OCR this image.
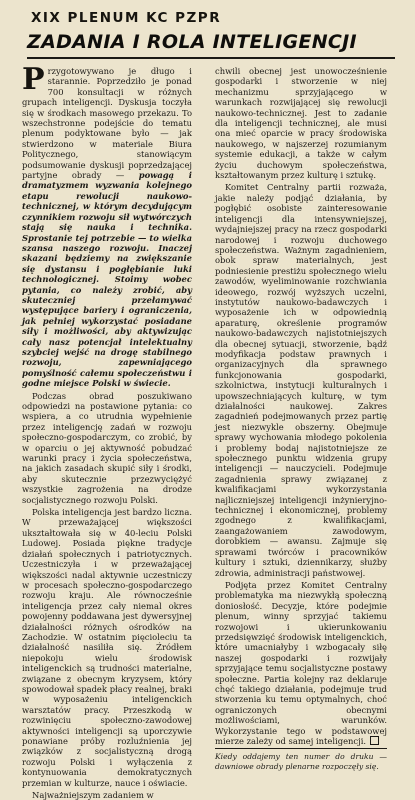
XIX PLENUM KC PZPR
ZADANIA I ROLA INTELIGENCJI

Przygotowywano je długo i starannie. Poprzedziło je ponad 700 konsultacji w różnych grupach inteligencji. Dyskusja toczyła się w środkach masowego przekazu. To wszechstronne podejście do tematu plenum podyktowane było — jak stwierdzono w materiale Biura Politycznego, stanowiącym podsumowanie dyskusji poprzedzającej partyjne obrady — powagą i dramatyzmem wyzwania kolejnego etapu rewolucji naukowo-technicznej, w którym decydującym czynnikiem rozwoju sił wytwórczych stają się nauka i technika. Sprostanie tej potrzebie — to wielka szansa naszego rozwoju. Inaczej skazani będziemy na zwiększanie się dystansu i pogłębianie luki technologicznej. Stoimy wobec pytania, co należy zrobić, aby skuteczniej przełamywać występujące bariery i ograniczenia, jak pełniej wykorzystać posiadane siły i możliwości, aby aktywizując cały nasz potencjał intelektualny szybciej wejść na drogę stabilnego rozwoju, zapewniającego pomyślność całemu społeczeństwu i godne miejsce Polski w świecie.

Podczas obrad poszukiwano odpowiedzi na postawione pytania: co wspiera, a co utrudnia wypełnienie przez inteligencję zadań w rozwoju społeczno-gospodarczym, co zrobić, by w oparciu o jej aktywność pobudzać warunki pracy i życia społeczeństwa, na jakich zasadach skupić siły i środki, aby skutecznie przezwyciężyć wszystkie zagrożenia na drodze socjalistycznego rozwoju Polski.

Polska inteligencja jest bardzo liczna. W przeważającej większości ukształtowała się w 40-leciu Polski Ludowej. Posiada piękne tradycje działań społecznych i patriotycznych. Uczestniczyła i w przeważającej większości nadal aktywnie uczestniczy w procesach społeczno-gospodarczego rozwoju kraju. Ale równocześnie inteligencja przez cały niemal okres powojenny poddawana jest dywersyjnej działalności różnych ośrodków na Zachodzie. W ostatnim pięcioleciu ta działalność nasiliła się. Źródłem niepokoju wielu środowisk inteligenckich są trudności materialne, związane z obecnym kryzysem, który spowodował spadek płacy realnej, braki w wyposażeniu inteligenckich warsztatów pracy. Przeszkodą w rozwinięciu społeczno-zawodowej aktywności inteligencji są uporczywie ponawiane próby rozluźnienia jej związków z socjalistyczną drogą rozwoju Polski i wyłączenia z kontynuowania demokratycznych przemian w kulturze, nauce i oświacie.

Najważniejszym zadaniem w

chwili obecnej jest unowocześnienie gospodarki i stworzenie w niej mechanizmu sprzyjającego w warunkach rozwijającej się rewolucji naukowo-technicznej. Jest to zadanie dla inteligencji technicznej, ale musi ona mieć oparcie w pracy środowiska naukowego, w najszerzej rozumianym systemie edukacji, a także w całym życiu duchowym społeczeństwa, kształtowanym przez kulturę i sztukę.

Komitet Centralny partii rozważa, jakie należy podjąć działania, by pogłębić osobiste zainteresowanie inteligencji dla intensywniejszej, wydajniejszej pracy na rzecz gospodarki narodowej i rozwoju duchowego społeczeństwa. Ważnym zagadnieniem, obok spraw materialnych, jest podniesienie prestiżu społecznego wielu zawodów, wyeliminowanie rozchwiania ideowego, rozwój wyższych uczelni, instytutów naukowo-badawczych i wyposażenie ich w odpowiednią aparaturę, określenie programów naukowo-badawczych najistotniejszych dla obecnej sytuacji, stworzenie, bądź modyfikacja podstaw prawnych i organizacyjnych dla sprawnego funkcjonowania gospodarki, szkolnictwa, instytucji kulturalnych i upowszechniających kulturę, w tym działalności naukowej. Zakres zagadnień podejmowanych przez partię jest niezwykle obszerny. Obejmuje sprawy wychowania młodego pokolenia i problemy bodaj najistotniejsze ze społecznego punktu widzenia grupy inteligencji — nauczycieli. Podejmuje zagadnienia sprawy związanej z kwalifikacjami wykorzystania najliczniejszej inteligencji inżynieryjno-technicznej i ekonomicznej, problemy zgodnego z kwalifikacjami, zaangażowaniem zawodowym, dorobkiem — awansu. Zajmuje się sprawami twórców i pracowników kultury i sztuki, dziennikarzy, służby zdrowia, administracji państwowej.

Podjęta przez Komitet Centralny problematyka ma niezwykłą społeczną doniosłość. Decyzje, które podejmie plenum, winny sprzyjać takiemu rozwojowi i ukierunkowaniu przedsięwzięć środowisk inteligenckich, które umacniałyby i wzbogacały siłę naszej gospodarki i rozwijały sprzyjające temu socjalistyczne postawy społeczne. Partia kolejny raz deklaruje chęć takiego działania, podejmuje trud stworzenia ku temu optymalnych, choć ograniczonych obecnymi możliwościami, warunków. Wykorzystanie tego w podstawowej mierze zależy od samej inteligencji.

Kiedy oddajemy ten numer do druku — dawniowe obrady plenarne rozpoczęły się.
